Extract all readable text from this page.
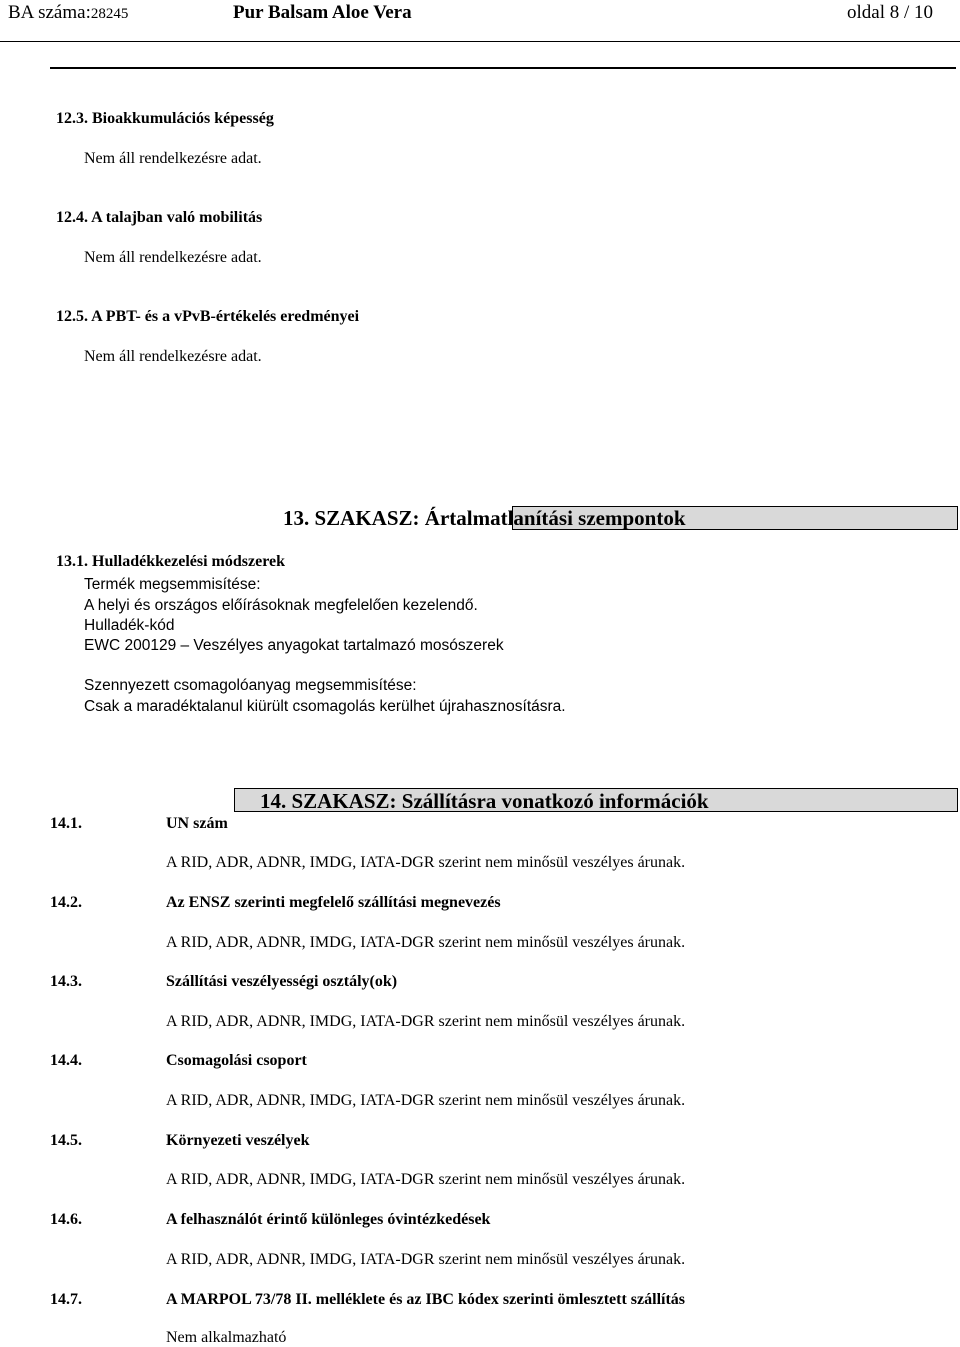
BA száma:28245	Pur Balsam Aloe Vera	oldal 8 / 10
12.3. Bioakkumulációs képesség
Nem áll rendelkezésre adat.
12.4. A talajban való mobilitás
Nem áll rendelkezésre adat.
12.5. A PBT- és a vPvB-értékelés eredményei
Nem áll rendelkezésre adat.
13. SZAKASZ: Ártalmatlanítási szempontok
13.1. Hulladékkezelési módszerek
Termék megsemmisítése:
A helyi és országos előírásoknak megfelelően kezelendő.
Hulladék-kód
EWC 200129 – Veszélyes anyagokat tartalmazó mosószerek
Szennyezett csomagolóanyag megsemmisítése:
Csak a maradéktalanul kiürült csomagolás kerülhet újrahasznosításra.
14. SZAKASZ: Szállításra vonatkozó információk
14.1.	UN szám
A RID, ADR, ADNR, IMDG, IATA-DGR szerint nem minősül veszélyes árunak.
14.2.	Az ENSZ szerinti megfelelő szállítási megnevezés
A RID, ADR, ADNR, IMDG, IATA-DGR szerint nem minősül veszélyes árunak.
14.3.	Szállítási veszélyességi osztály(ok)
A RID, ADR, ADNR, IMDG, IATA-DGR szerint nem minősül veszélyes árunak.
14.4.	Csomagolási csoport
A RID, ADR, ADNR, IMDG, IATA-DGR szerint nem minősül veszélyes árunak.
14.5.	Környezeti veszélyek
A RID, ADR, ADNR, IMDG, IATA-DGR szerint nem minősül veszélyes árunak.
14.6.	A felhasználót érintő különleges óvintézkedések
A RID, ADR, ADNR, IMDG, IATA-DGR szerint nem minősül veszélyes árunak.
14.7.	A MARPOL 73/78 II. melléklete és az IBC kódex szerinti ömlesztett szállítás
Nem alkalmazható
